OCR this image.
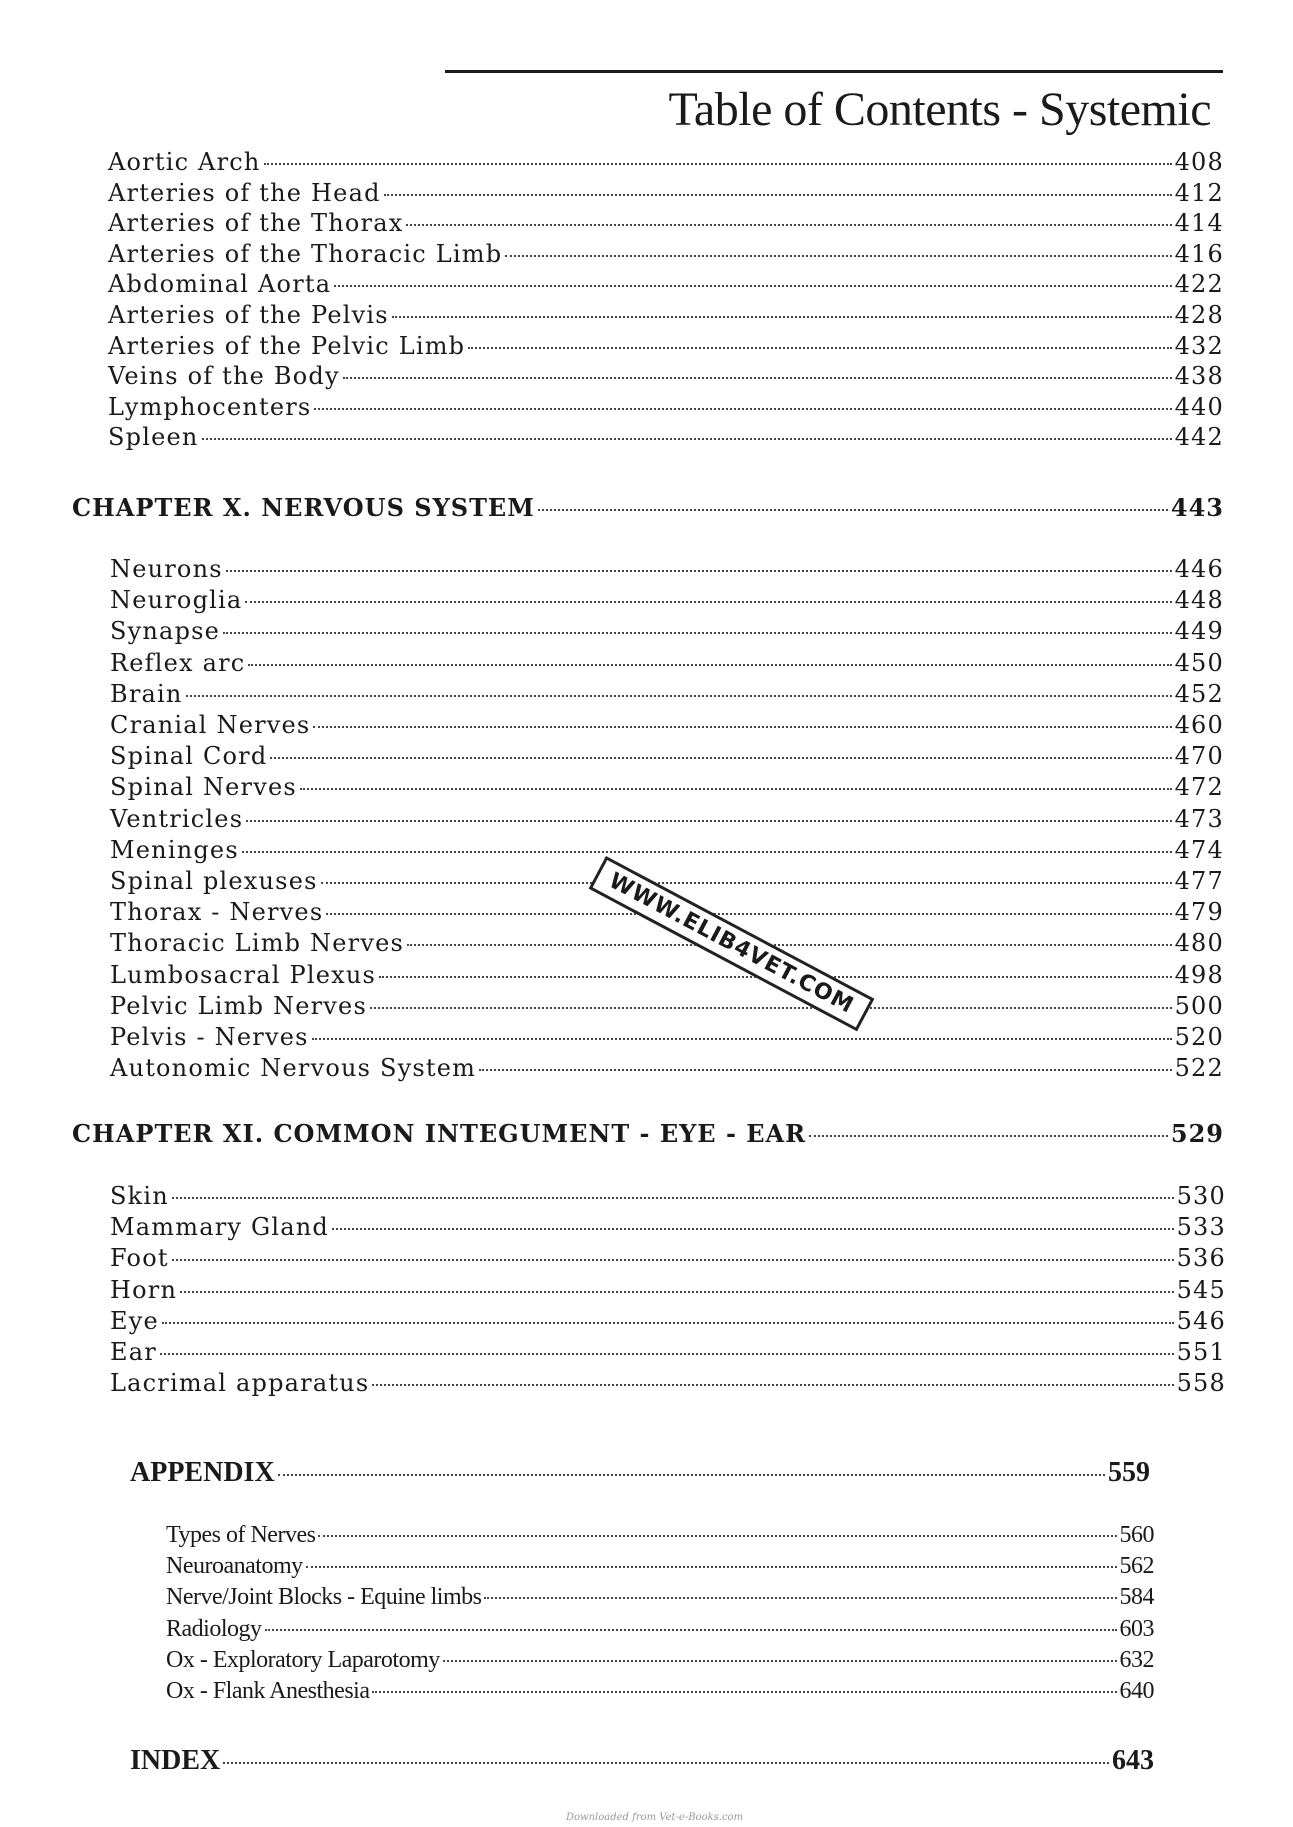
Table of Contents - Systemic
Aortic Arch	408
Arteries of the Head	412
Arteries of the Thorax	414
Arteries of the Thoracic Limb	416
Abdominal Aorta	422
Arteries of the Pelvis	428
Arteries of the Pelvic Limb	432
Veins of the Body	438
Lymphocenters	440
Spleen	442
CHAPTER X. NERVOUS SYSTEM	443
Neurons	446
Neuroglia	448
Synapse	449
Reflex arc	450
Brain	452
Cranial Nerves	460
Spinal Cord	470
Spinal Nerves	472
Ventricles	473
Meninges	474
Spinal plexuses	477
Thorax - Nerves	479
Thoracic Limb Nerves	480
Lumbosacral Plexus	498
Pelvic Limb Nerves	500
Pelvis - Nerves	520
Autonomic Nervous System	522
CHAPTER XI. COMMON INTEGUMENT - EYE - EAR	529
Skin	530
Mammary Gland	533
Foot	536
Horn	545
Eye	546
Ear	551
Lacrimal apparatus	558
APPENDIX	559
Types of Nerves	560
Neuroanatomy	562
Nerve/Joint Blocks - Equine limbs	584
Radiology	603
Ox - Exploratory Laparotomy	632
Ox - Flank Anesthesia	640
INDEX	643
WWW.ELIB4VET.COM
Downloaded from Vet-e-Books.com
